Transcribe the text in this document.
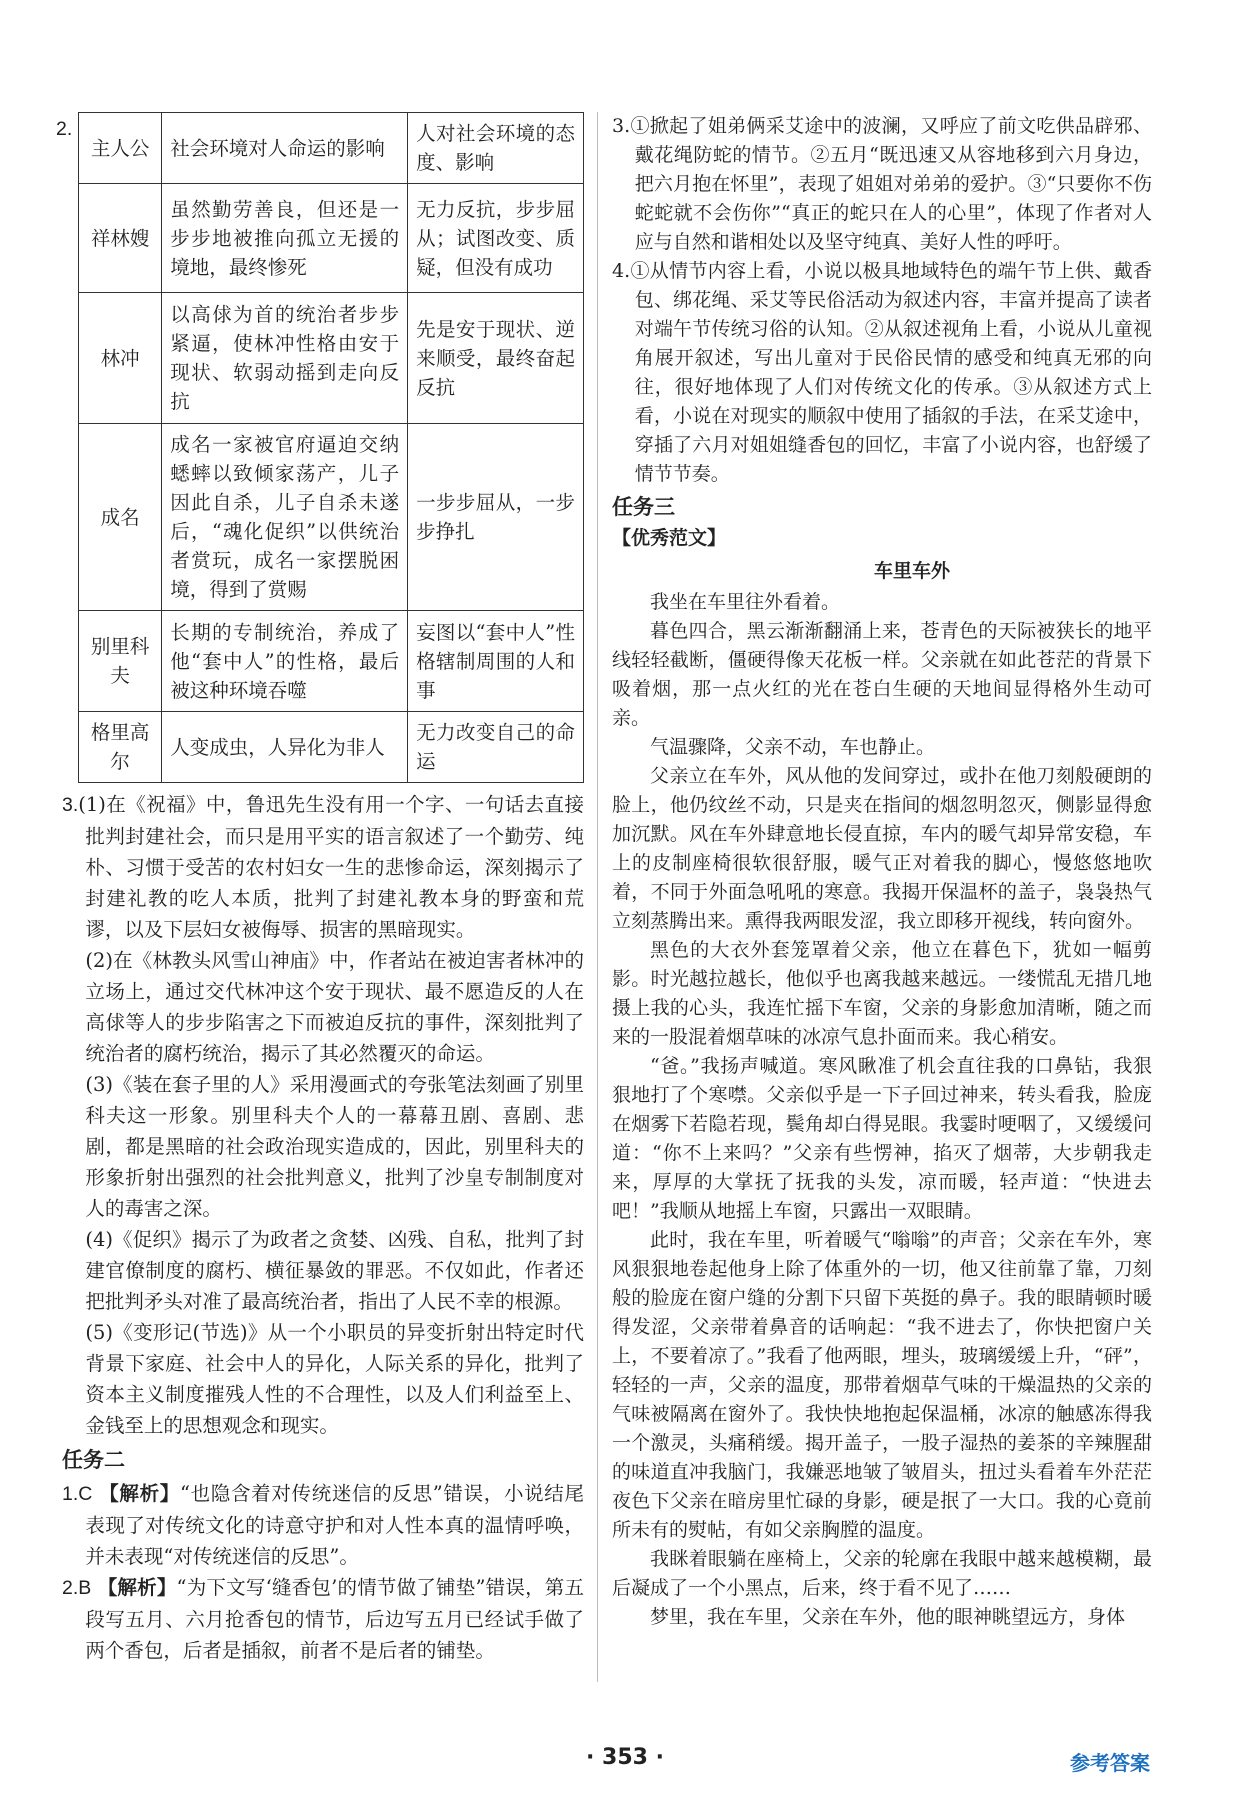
2.
主人公	社会环境对人命运的影响	人对社会环境的态度、影响
祥林嫂	虽然勤劳善良，但还是一步步地被推向孤立无援的境地，最终惨死	无力反抗，步步屈从；试图改变、质疑，但没有成功
林冲	以高俅为首的统治者步步紧逼，使林冲性格由安于现状、软弱动摇到走向反抗	先是安于现状、逆来顺受，最终奋起反抗
成名	成名一家被官府逼迫交纳蟋蟀以致倾家荡产，儿子因此自杀，儿子自杀未遂后，“魂化促织”以供统治者赏玩，成名一家摆脱困境，得到了赏赐	一步步屈从，一步步挣扎
别里科夫	长期的专制统治，养成了他“套中人”的性格，最后被这种环境吞噬	妄图以“套中人”性格辖制周围的人和事
格里高尔	人变成虫，人异化为非人	无力改变自己的命运

3.(1)在《祝福》中，鲁迅先生没有用一个字、一句话去直接批判封建社会，而只是用平实的语言叙述了一个勤劳、纯朴、习惯于受苦的农村妇女一生的悲惨命运，深刻揭示了封建礼教的吃人本质，批判了封建礼教本身的野蛮和荒谬，以及下层妇女被侮辱、损害的黑暗现实。

(2)在《林教头风雪山神庙》中，作者站在被迫害者林冲的立场上，通过交代林冲这个安于现状、最不愿造反的人在高俅等人的步步陷害之下而被迫反抗的事件，深刻批判了统治者的腐朽统治，揭示了其必然覆灭的命运。

(3)《装在套子里的人》采用漫画式的夸张笔法刻画了别里科夫这一形象。别里科夫个人的一幕幕丑剧、喜剧、悲剧，都是黑暗的社会政治现实造成的，因此，别里科夫的形象折射出强烈的社会批判意义，批判了沙皇专制制度对人的毒害之深。

(4)《促织》揭示了为政者之贪婪、凶残、自私，批判了封建官僚制度的腐朽、横征暴敛的罪恶。不仅如此，作者还把批判矛头对准了最高统治者，指出了人民不幸的根源。

(5)《变形记(节选)》从一个小职员的异变折射出特定时代背景下家庭、社会中人的异化，人际关系的异化，批判了资本主义制度摧残人性的不合理性，以及人们利益至上、金钱至上的思想观念和现实。

任务二

1.C 【解析】“也隐含着对传统迷信的反思”错误，小说结尾表现了对传统文化的诗意守护和对人性本真的温情呼唤，并未表现“对传统迷信的反思”。

2.B 【解析】“为下文写‘缝香包’的情节做了铺垫”错误，第五段写五月、六月抢香包的情节，后边写五月已经试手做了两个香包，后者是插叙，前者不是后者的铺垫。

3.①掀起了姐弟俩采艾途中的波澜，又呼应了前文吃供品辟邪、戴花绳防蛇的情节。②五月“既迅速又从容地移到六月身边，把六月抱在怀里”，表现了姐姐对弟弟的爱护。③“只要你不伤蛇蛇就不会伤你”“真正的蛇只在人的心里”，体现了作者对人应与自然和谐相处以及坚守纯真、美好人性的呼吁。

4.①从情节内容上看，小说以极具地域特色的端午节上供、戴香包、绑花绳、采艾等民俗活动为叙述内容，丰富并提高了读者对端午节传统习俗的认知。②从叙述视角上看，小说从儿童视角展开叙述，写出儿童对于民俗民情的感受和纯真无邪的向往，很好地体现了人们对传统文化的传承。③从叙述方式上看，小说在对现实的顺叙中使用了插叙的手法，在采艾途中，穿插了六月对姐姐缝香包的回忆，丰富了小说内容，也舒缓了情节节奏。

任务三
【优秀范文】
车里车外

我坐在车里往外看着。

暮色四合，黑云渐渐翻涌上来，苍青色的天际被狭长的地平线轻轻截断，僵硬得像天花板一样。父亲就在如此苍茫的背景下吸着烟，那一点火红的光在苍白生硬的天地间显得格外生动可亲。

气温骤降，父亲不动，车也静止。

父亲立在车外，风从他的发间穿过，或扑在他刀刻般硬朗的脸上，他仍纹丝不动，只是夹在指间的烟忽明忽灭，侧影显得愈加沉默。风在车外肆意地长侵直掠，车内的暖气却异常安稳，车上的皮制座椅很软很舒服，暖气正对着我的脚心，慢悠悠地吹着，不同于外面急吼吼的寒意。我揭开保温杯的盖子，袅袅热气立刻蒸腾出来。熏得我两眼发涩，我立即移开视线，转向窗外。

黑色的大衣外套笼罩着父亲，他立在暮色下，犹如一幅剪影。时光越拉越长，他似乎也离我越来越远。一缕慌乱无措几地摄上我的心头，我连忙摇下车窗，父亲的身影愈加清晰，随之而来的一股混着烟草味的冰凉气息扑面而来。我心稍安。

“爸。”我扬声喊道。寒风瞅准了机会直往我的口鼻钻，我狠狠地打了个寒噤。父亲似乎是一下子回过神来，转头看我，脸庞在烟雾下若隐若现，鬓角却白得晃眼。我霎时哽咽了，又缓缓问道：“你不上来吗？”父亲有些愣神，掐灭了烟蒂，大步朝我走来，厚厚的大掌抚了抚我的头发，凉而暖，轻声道：“快进去吧！”我顺从地摇上车窗，只露出一双眼睛。

此时，我在车里，听着暖气“嗡嗡”的声音；父亲在车外，寒风狠狠地卷起他身上除了体重外的一切，他又往前靠了靠，刀刻般的脸庞在窗户缝的分割下只留下英挺的鼻子。我的眼睛顿时暖得发涩，父亲带着鼻音的话响起：“我不进去了，你快把窗户关上，不要着凉了。”我看了他两眼，埋头，玻璃缓缓上升，“砰”，轻轻的一声，父亲的温度，那带着烟草气味的干燥温热的父亲的气味被隔离在窗外了。我快快地抱起保温桶，冰凉的触感冻得我一个激灵，头痛稍缓。揭开盖子，一股子湿热的姜茶的辛辣腥甜的味道直冲我脑门，我嫌恶地皱了皱眉头，扭过头看着车外茫茫夜色下父亲在暗房里忙碌的身影，硬是抿了一大口。我的心竟前所未有的熨帖，有如父亲胸膛的温度。

我眯着眼躺在座椅上，父亲的轮廓在我眼中越来越模糊，最后凝成了一个小黑点，后来，终于看不见了……

梦里，我在车里，父亲在车外，他的眼神眺望远方，身体

· 353 ·	参考答案
